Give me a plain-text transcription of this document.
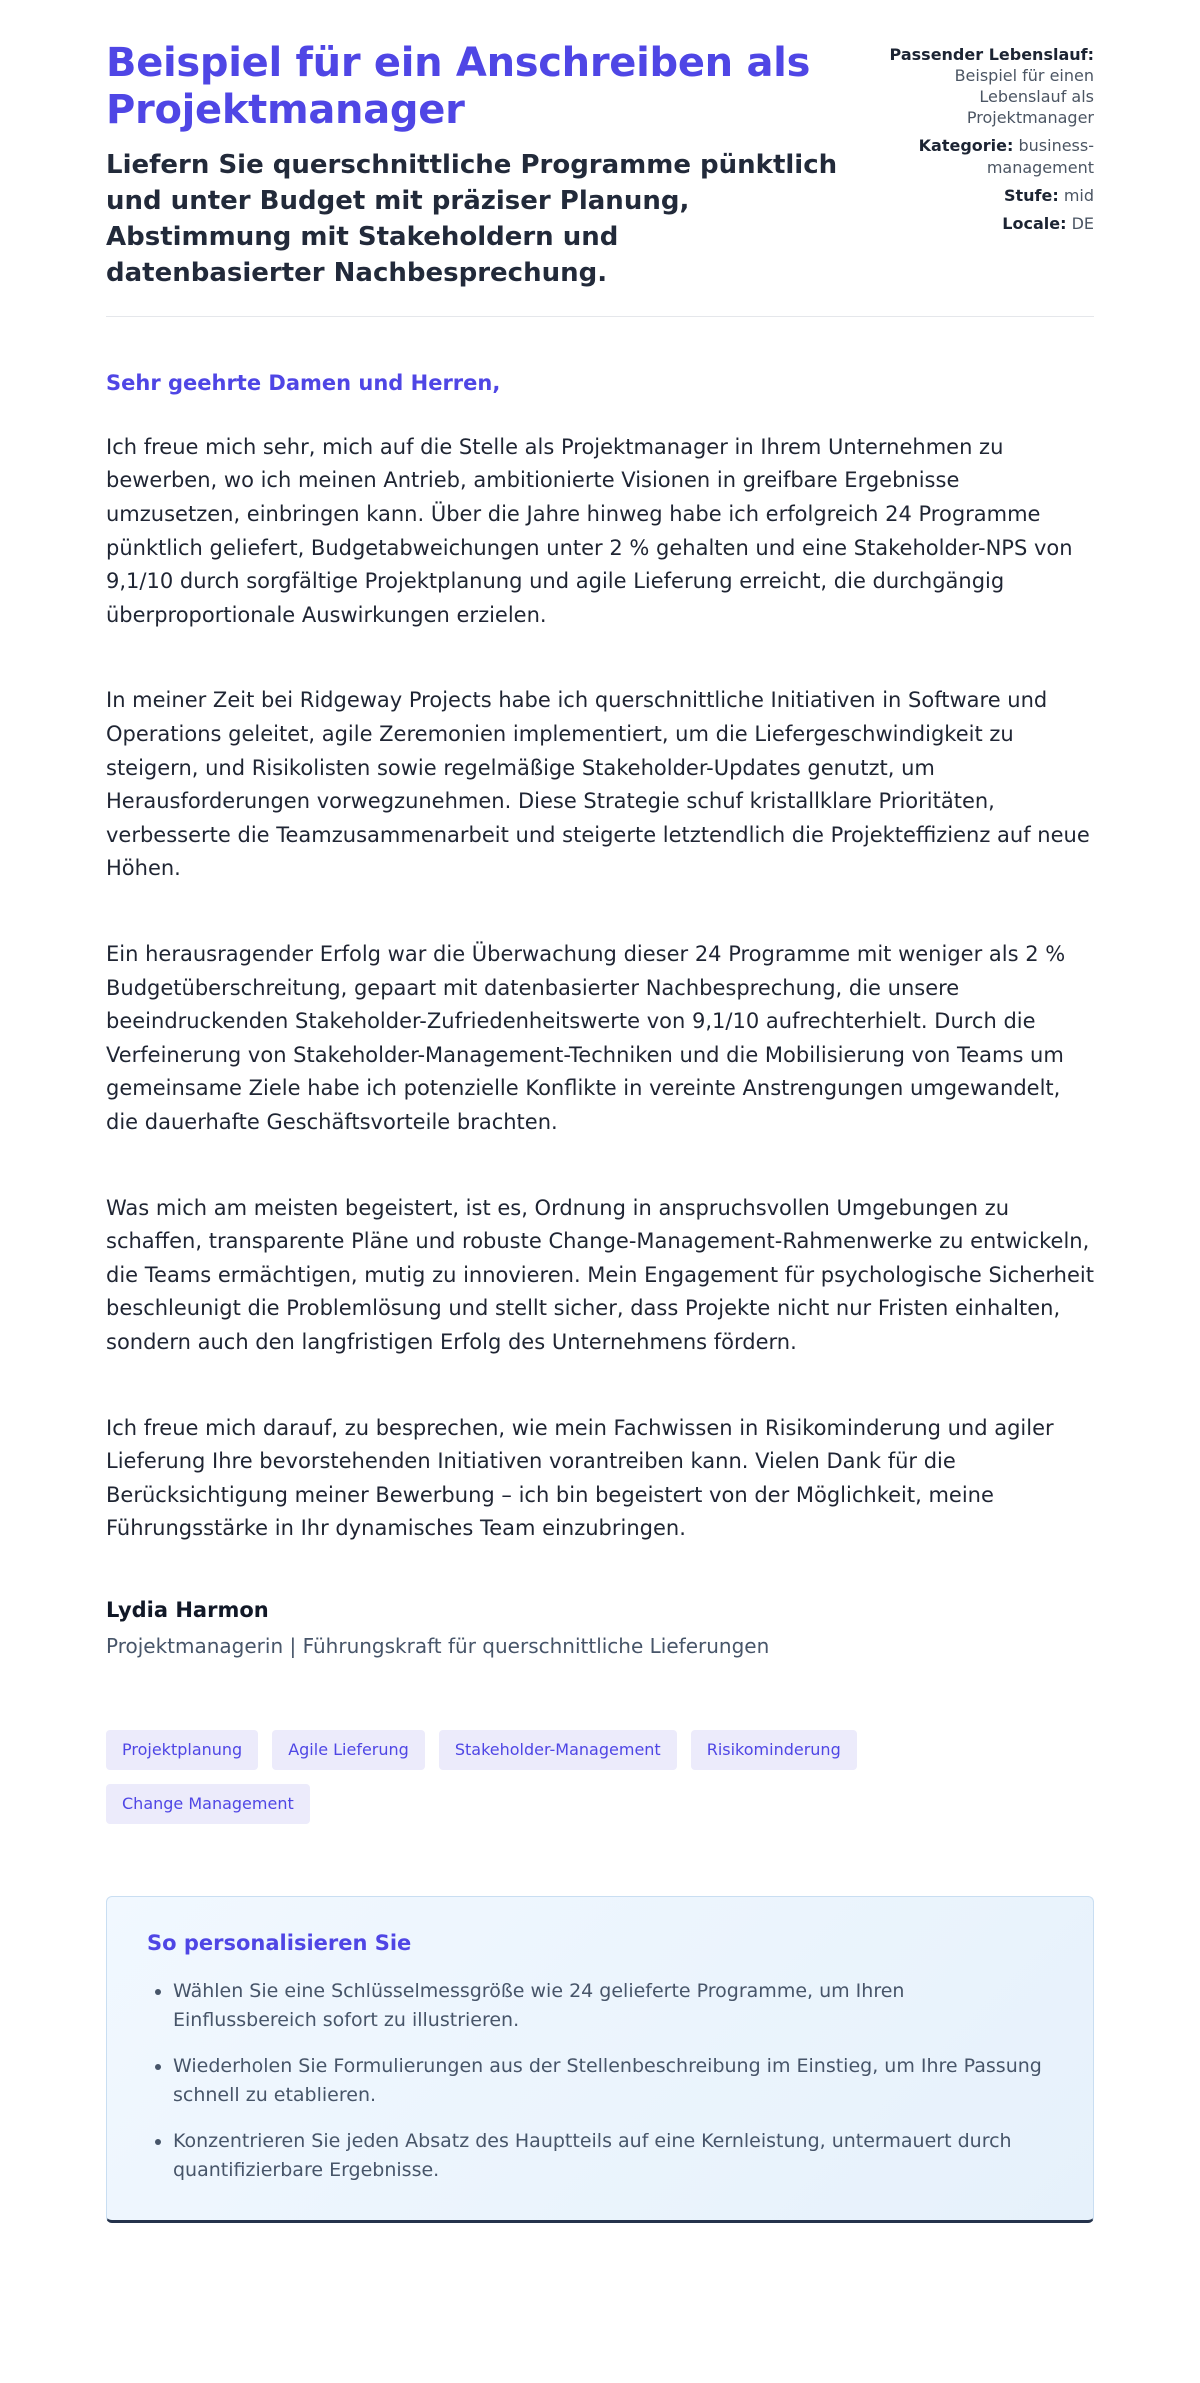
Beispiel für ein Anschreiben als Projektmanager

Liefern Sie querschnittliche Programme pünktlich und unter Budget mit präziser Planung, Abstimmung mit Stakeholdern und datenbasierter Nachbesprechung.

Passender Lebenslauf: Beispiel für einen Lebenslauf als Projektmanager
Kategorie: business-management
Stufe: mid
Locale: DE

Sehr geehrte Damen und Herren,

Ich freue mich sehr, mich auf die Stelle als Projektmanager in Ihrem Unternehmen zu bewerben, wo ich meinen Antrieb, ambitionierte Visionen in greifbare Ergebnisse umzusetzen, einbringen kann. Über die Jahre hinweg habe ich erfolgreich 24 Programme pünktlich geliefert, Budgetabweichungen unter 2 % gehalten und eine Stakeholder-NPS von 9,1/10 durch sorgfältige Projektplanung und agile Lieferung erreicht, die durchgängig überproportionale Auswirkungen erzielen.

In meiner Zeit bei Ridgeway Projects habe ich querschnittliche Initiativen in Software und Operations geleitet, agile Zeremonien implementiert, um die Liefergeschwindigkeit zu steigern, und Risikolisten sowie regelmäßige Stakeholder-Updates genutzt, um Herausforderungen vorwegzunehmen. Diese Strategie schuf kristallklare Prioritäten, verbesserte die Teamzusammenarbeit und steigerte letztendlich die Projekteffizienz auf neue Höhen.

Ein herausragender Erfolg war die Überwachung dieser 24 Programme mit weniger als 2 % Budgetüberschreitung, gepaart mit datenbasierter Nachbesprechung, die unsere beeindruckenden Stakeholder-Zufriedenheitswerte von 9,1/10 aufrechterhielt. Durch die Verfeinerung von Stakeholder-Management-Techniken und die Mobilisierung von Teams um gemeinsame Ziele habe ich potenzielle Konflikte in vereinte Anstrengungen umgewandelt, die dauerhafte Geschäftsvorteile brachten.

Was mich am meisten begeistert, ist es, Ordnung in anspruchsvollen Umgebungen zu schaffen, transparente Pläne und robuste Change-Management-Rahmenwerke zu entwickeln, die Teams ermächtigen, mutig zu innovieren. Mein Engagement für psychologische Sicherheit beschleunigt die Problemlösung und stellt sicher, dass Projekte nicht nur Fristen einhalten, sondern auch den langfristigen Erfolg des Unternehmens fördern.

Ich freue mich darauf, zu besprechen, wie mein Fachwissen in Risikominderung und agiler Lieferung Ihre bevorstehenden Initiativen vorantreiben kann. Vielen Dank für die Berücksichtigung meiner Bewerbung – ich bin begeistert von der Möglichkeit, meine Führungsstärke in Ihr dynamisches Team einzubringen.

Lydia Harmon

Projektmanagerin | Führungskraft für querschnittliche Lieferungen

Projektplanung	Agile Lieferung	Stakeholder-Management	Risikominderung
Change Management
So personalisieren Sie
• Wählen Sie eine Schlüsselmessgröße wie 24 gelieferte Programme, um Ihren Einflussbereich sofort zu illustrieren.
• Wiederholen Sie Formulierungen aus der Stellenbeschreibung im Einstieg, um Ihre Passung schnell zu etablieren.
• Konzentrieren Sie jeden Absatz des Hauptteils auf eine Kernleistung, untermauert durch quantifizierbare Ergebnisse.
